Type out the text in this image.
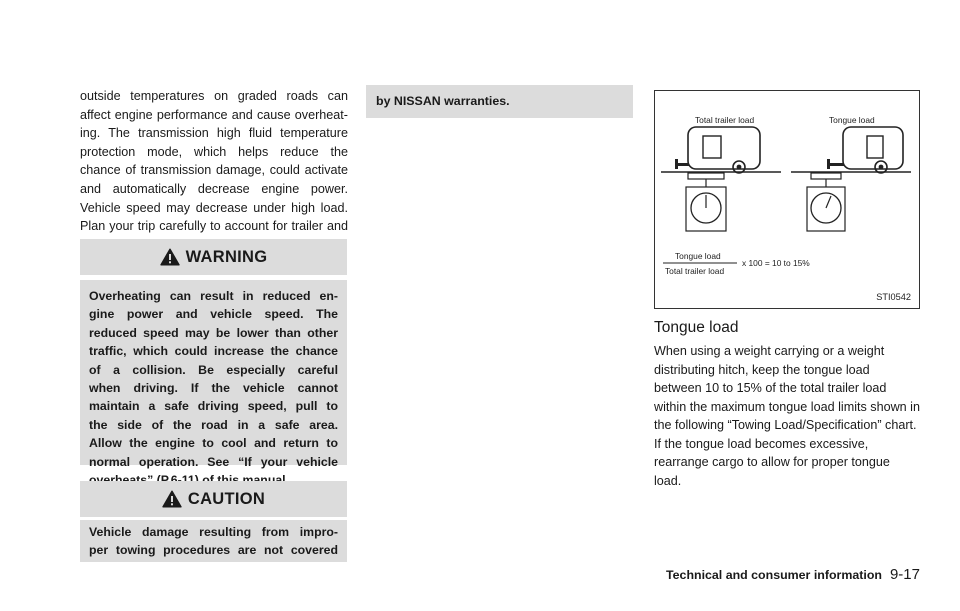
outside temperatures on graded roads can
affect engine performance and cause overheat-
ing. The transmission high fluid temperature
protection mode, which helps reduce the
chance of transmission damage, could activate
and automatically decrease engine power.
Vehicle speed may decrease under high load.
Plan your trip carefully to account for trailer and

WARNING
Overheating can result in reduced en-
gine power and vehicle speed. The
reduced speed may be lower than other
traffic, which could increase the chance
of a collision. Be especially careful
when driving. If the vehicle cannot
maintain a safe driving speed, pull to
the side of the road in a safe area.
Allow the engine to cool and return to
normal operation. See “If your vehicle
CAUTION
Vehicle damage resulting from impro-
per towing procedures are not covered
by NISSAN warranties.
Total trailer load	Tongue load
Tongue load
Total trailer load
x 100 = 10 to 15%
STI0542
Tongue load
When using a weight carrying or a weight distributing hitch, keep the tongue load between 10 to 15% of the total trailer load within the maximum tongue load limits shown in the following “Towing Load/Specification” chart. If the tongue load becomes excessive, rearrange cargo to allow for proper tongue load.
Technical and consumer information 9-17
